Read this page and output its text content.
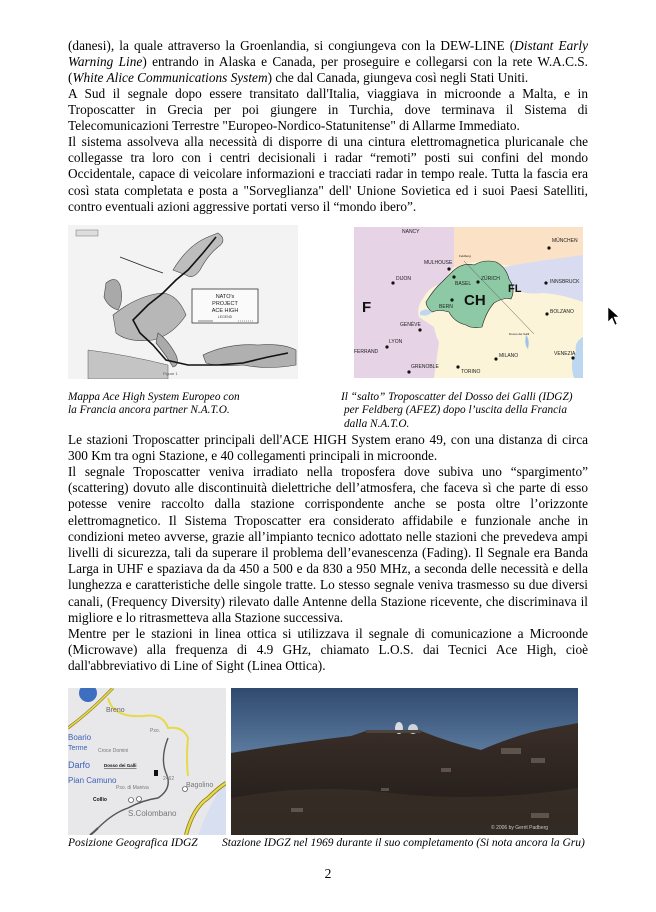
(danesi), la quale attraverso la Groenlandia, si congiungeva con la DEW-LINE (Distant Early Warning Line) entrando in Alaska e Canada, per proseguire e collegarsi con la rete W.A.C.S. (White Alice Communications System) che dal Canada, giungeva così negli Stati Uniti.

A Sud il segnale dopo essere transitato dall'Italia, viaggiava in microonde a Malta, e in Troposcatter in Grecia per poi giungere in Turchia, dove terminava il Sistema di Telecomunicazioni Terrestre "Europeo-Nordico-Statunitense" di Allarme Immediato.

Il sistema assolveva alla necessità di disporre di una cintura elettromagnetica pluricanale che collegasse tra loro con i centri decisionali i radar “remoti” posti sui confini del mondo Occidentale, capace di veicolare informazioni e tracciati radar in tempo reale. Tutta la fascia era così stata completata e posta a "Sorveglianza" dell' Unione Sovietica ed i suoi Paesi Satelliti, contro eventuali azioni aggressive portati verso il “mondo ibero”.

NATO's
PROJECT
ACE HIGH
LEGEND
Figure 1
NANCY
MÜNCHEN
MULHOUSE
Feldberg
DIJON
BASEL
ZÜRICH	INNSBRUCK
BERN
BOLZANO
GENÈVE
LYON
FERRAND
MILANO	VENEZIA
GRENOBLE
TORINO
Dosso dei Galli
CH
F
FL
Mappa Ace High System Europeo con
la Francia ancora partner N.A.T.O.
Il “salto” Troposcatter del Dosso dei Galli (IDGZ)
per Feldberg (AFEZ) dopo l’uscita della Francia
dalla N.A.T.O.

Le stazioni Troposcatter principali dell'ACE HIGH System erano 49, con una distanza di circa 300 Km tra ogni Stazione, e 40 collegamenti principali in microonde.

Il segnale Troposcatter veniva irradiato nella troposfera dove subiva uno “spargimento” (scattering) dovuto alle discontinuità dielettriche dell’atmosfera, che faceva sì che parte di esso potesse venire raccolto dalla stazione corrispondente anche se posta oltre l’orizzonte elettromagnetico. Il Sistema Troposcatter era considerato affidabile e funzionale anche in condizioni meteo avverse, grazie all’impianto tecnico adottato nelle stazioni che prevedeva ampi livelli di sicurezza, tali da superare il problema dell’evanescenza (Fading). Il Segnale era Banda Larga in UHF e spaziava da da 450 a 500 e da 830 a 950 MHz, a seconda delle necessità e della lunghezza e caratteristiche delle singole tratte. Lo stesso segnale veniva trasmesso su due diversi canali, (Frequency Diversity) rilevato dalle Antenne della Stazione ricevente, che discriminava il migliore e lo ritrasmetteva alla Stazione successiva.

Mentre per le stazioni in linea ottica si utilizzava il segnale di comunicazione a Microonde (Microwave) alla frequenza di 4.9 GHz, chiamato L.O.S. dai Tecnici Ace High, cioè dall'abbreviativo di Line of Sight (Linea Ottica).

Breno
Boario
Terme Croce Domini
Darfo	Dosso dei Galli
Pian Camuno	2462
Bagolino
Pso. di Maniva
Collio
S.Colombano
Pso.
© 2006 by Gerrit Padberg
Posizione Geografica IDGZ Stazione IDGZ nel 1969 durante il suo completamento (Si nota ancora la Gru)
2
